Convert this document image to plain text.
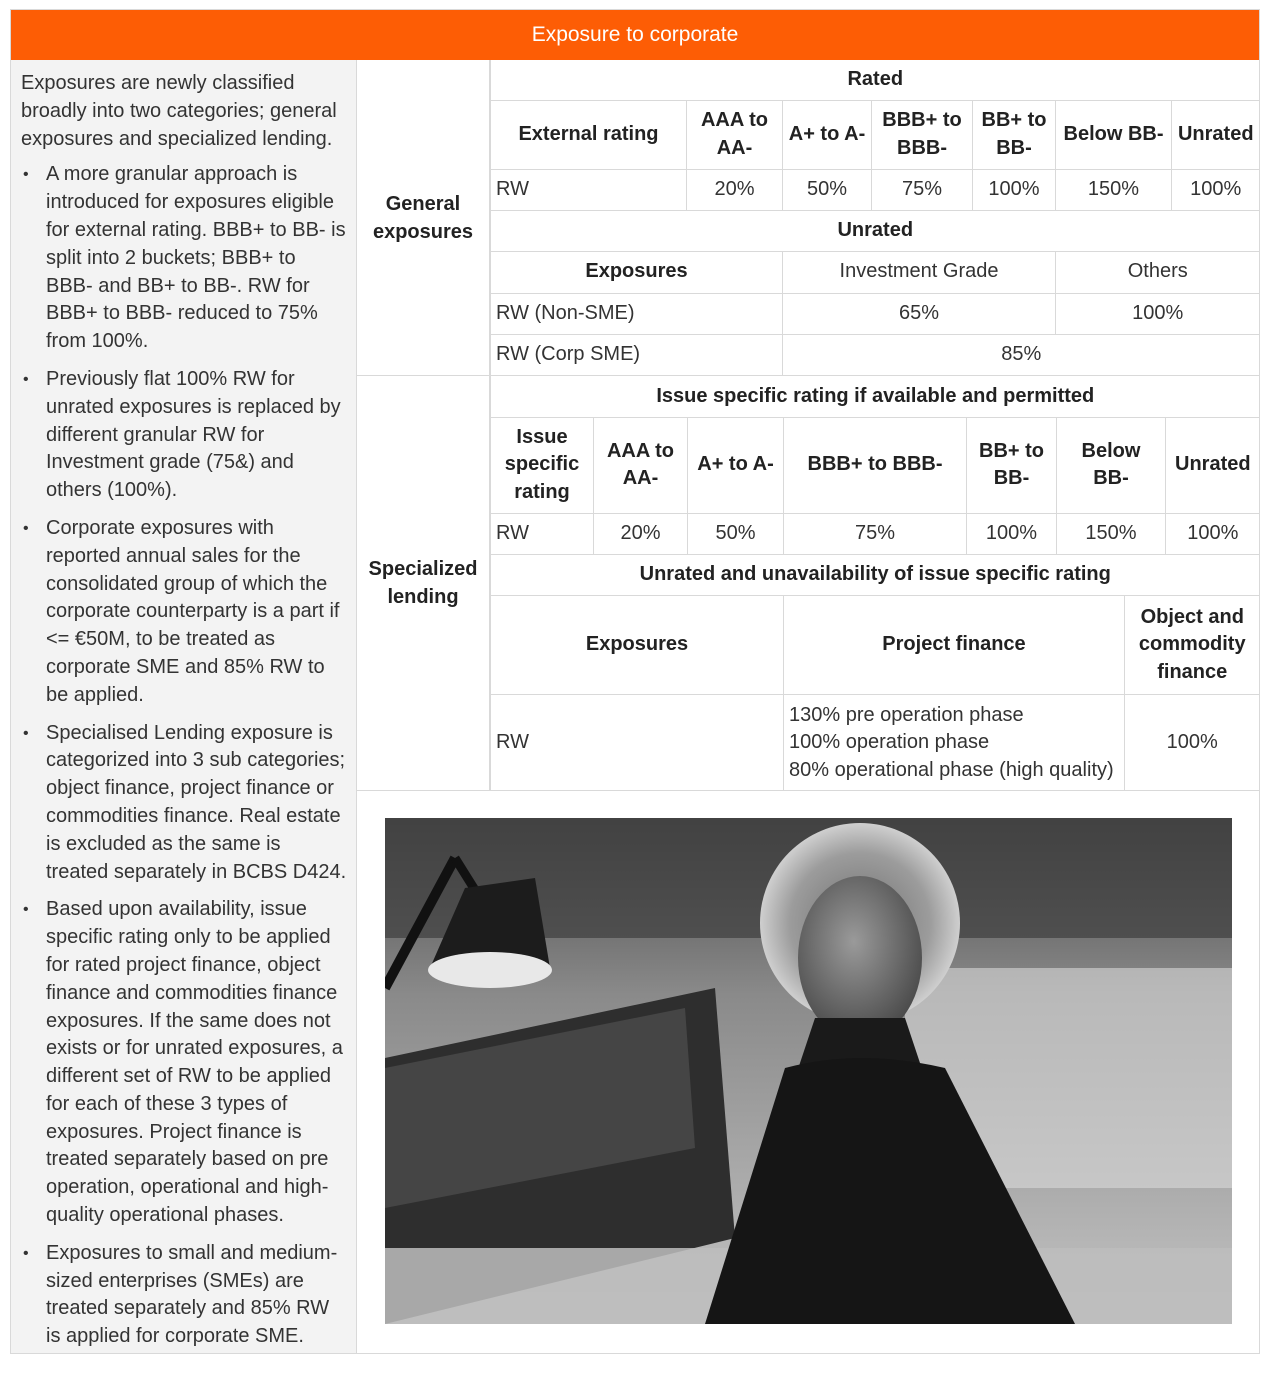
Exposure to corporate

Exposures are newly classified broadly into two categories; general exposures and specialized lending.

• A more granular approach is introduced for exposures eligible for external rating. BBB+ to BB- is split into 2 buckets; BBB+ to BBB- and BB+ to BB-. RW for BBB+ to BBB- reduced to 75% from 100%.
• Previously flat 100% RW for unrated exposures is replaced by different granular RW for Investment grade (75&) and others (100%).
• Corporate exposures with reported annual sales for the consolidated group of which the corporate counterparty is a part if <= €50M, to be treated as corporate SME and 85% RW to be applied.
• Specialised Lending exposure is categorized into 3 sub categories; object finance, project finance or commodities finance. Real estate is excluded as the same is treated separately in BCBS D424.
• Based upon availability, issue specific rating only to be applied for rated project finance, object finance and commodities finance exposures. If the same does not exists or for unrated exposures, a different set of RW to be applied for each of these 3 types of exposures. Project finance is treated separately based on pre operation, operational and high-quality operational phases.
• Exposures to small and medium-sized enterprises (SMEs) are treated separately and 85% RW is applied for corporate SME.
General exposures
Rated						
External rating	AAA to AA-	A+ to A-	BBB+ to BBB-	BB+ to BB-	Below BB-	Unrated
RW	20%	50%	75%	100%	150%	100%
Unrated						
Exposures		Investment Grade			Others	
RW (Non-SME)		65%			100%	
RW (Corp SME)		85%				
Specialized lending
Issue specific rating if available and permitted						
Issue specific rating	AAA to AA-	A+ to A-	BBB+ to BBB-	BB+ to BB-	Below BB-	Unrated
RW	20%	50%	75%	100%	150%	100%
Unrated and unavailability of issue specific rating		
Exposures	Project finance	Object and commodity finance
RW	130% pre operation phase
100% operation phase
80% operational phase (high quality)	100%
